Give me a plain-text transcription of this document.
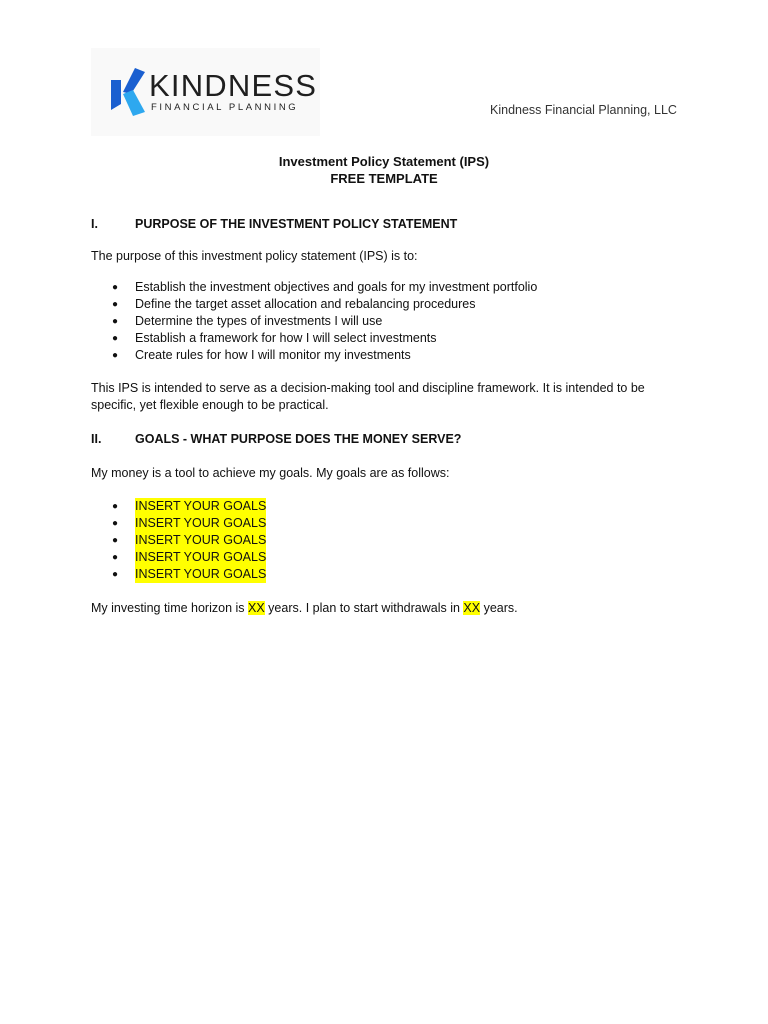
KINDNESS
FINANCIAL PLANNING	Kindness Financial Planning, LLC
Investment Policy Statement (IPS)
FREE TEMPLATE
I.	PURPOSE OF THE INVESTMENT POLICY STATEMENT
The purpose of this investment policy statement (IPS) is to:
● Establish the investment objectives and goals for my investment portfolio
● Define the target asset allocation and rebalancing procedures
● Determine the types of investments I will use
● Establish a framework for how I will select investments
● Create rules for how I will monitor my investments
This IPS is intended to serve as a decision-making tool and discipline framework. It is intended to be specific, yet flexible enough to be practical.
II.	GOALS - WHAT PURPOSE DOES THE MONEY SERVE?
My money is a tool to achieve my goals. My goals are as follows:
● INSERT YOUR GOALS
● INSERT YOUR GOALS
● INSERT YOUR GOALS
● INSERT YOUR GOALS
● INSERT YOUR GOALS
My investing time horizon is XX years. I plan to start withdrawals in XX years.
